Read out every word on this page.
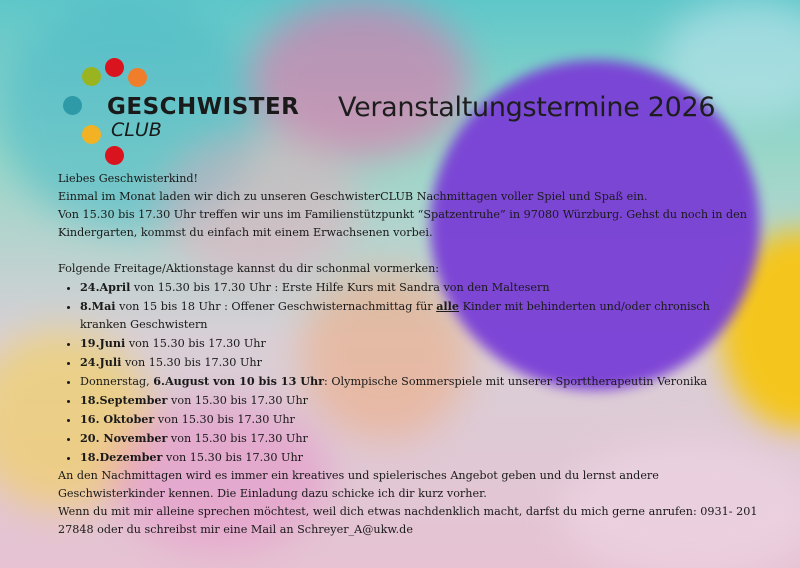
GESCHWISTER
CLUB
Veranstaltungstermine 2026

Liebes Geschwisterkind!

Einmal im Monat laden wir dich zu unseren GeschwisterCLUB Nachmittagen voller Spiel und Spaß ein.

Von 15.30 bis 17.30 Uhr treffen wir uns im Familienstützpunkt “Spatzentruhe” in 97080 Würzburg. Gehst du noch in den Kindergarten, kommst du einfach mit einem Erwachsenen vorbei.

Folgende Freitage/Aktionstage kannst du dir schonmal vormerken:

• 24.April von 15.30 bis 17.30 Uhr : Erste Hilfe Kurs mit Sandra von den Maltesern
• 8.Mai von 15 bis 18 Uhr : Offener Geschwisternachmittag für alle Kinder mit behinderten und/oder chronisch kranken Geschwistern
• 19.Juni von 15.30 bis 17.30 Uhr
• 24.Juli von 15.30 bis 17.30 Uhr
• Donnerstag, 6.August von 10 bis 13 Uhr: Olympische Sommerspiele mit unserer Sporttherapeutin Veronika
• 18.September von 15.30 bis 17.30 Uhr
• 16. Oktober von 15.30 bis 17.30 Uhr
• 20. November von 15.30 bis 17.30 Uhr
• 18.Dezember von 15.30 bis 17.30 Uhr

An den Nachmittagen wird es immer ein kreatives und spielerisches Angebot geben und du lernst andere Geschwisterkinder kennen. Die Einladung dazu schicke ich dir kurz vorher.

Wenn du mit mir alleine sprechen möchtest, weil dich etwas nachdenklich macht, darfst du mich gerne anrufen: 0931- 201 27848 oder du schreibst mir eine Mail an Schreyer_A@ukw.de
